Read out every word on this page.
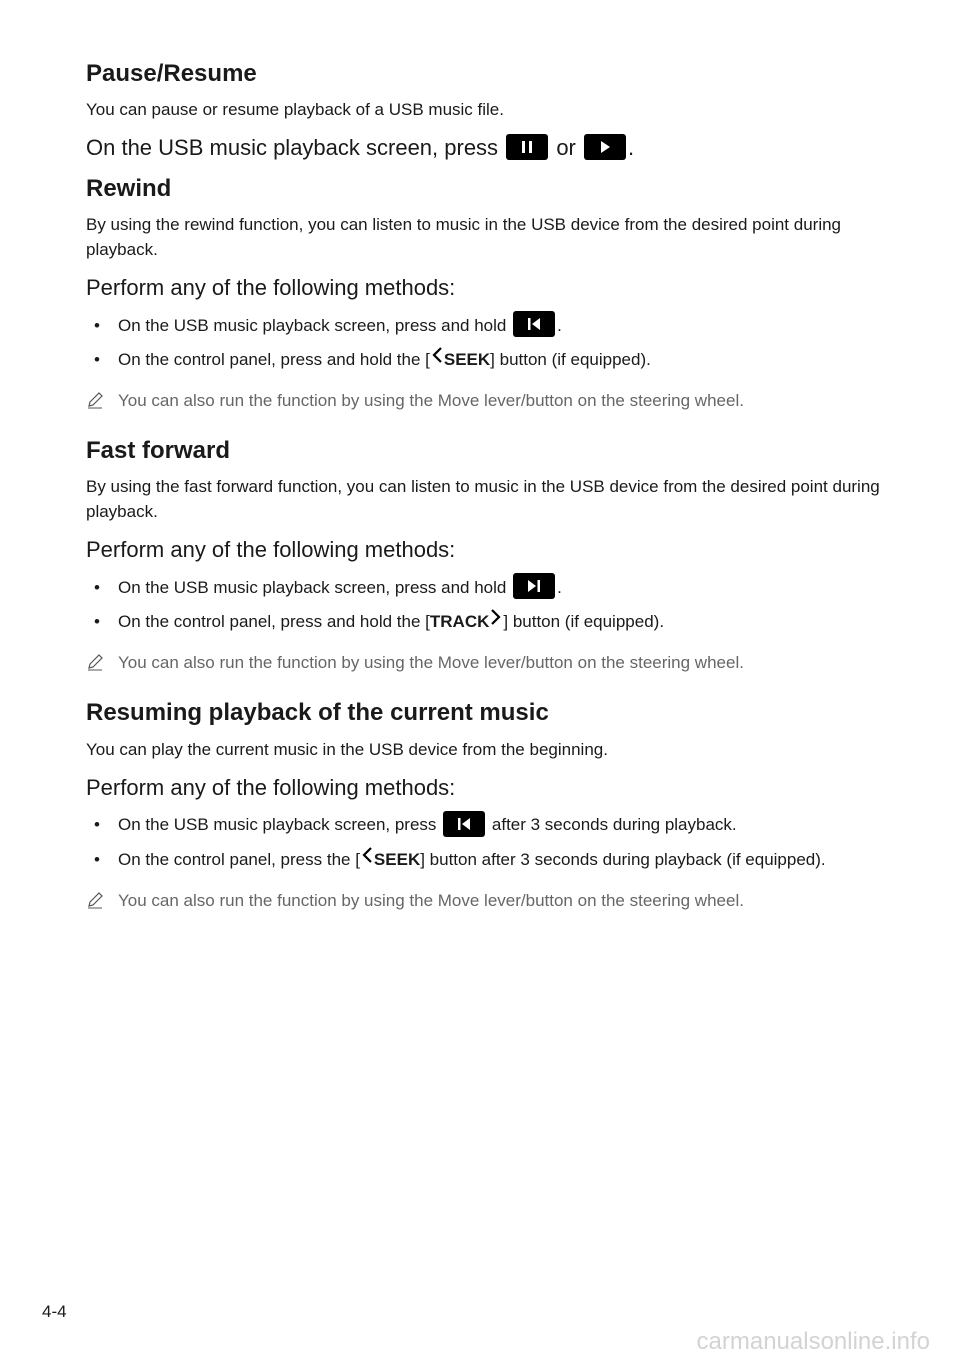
Pause/Resume

You can pause or resume playback of a USB music file.

On the USB music playback screen, press	or .

Rewind

By using the rewind function, you can listen to music in the USB device from the desired point during playback.

Perform any of the following methods:

• On the USB music playback screen, press and hold	.
• On the control panel, press and hold the [ SEEK] button (if equipped).
You can also run the function by using the Move lever/button on the steering wheel.
Fast forward

By using the fast forward function, you can listen to music in the USB device from the desired point during playback.

Perform any of the following methods:

• On the USB music playback screen, press and hold	.
• On the control panel, press and hold the [TRACK ] button (if equipped).
You can also run the function by using the Move lever/button on the steering wheel.
Resuming playback of the current music

You can play the current music in the USB device from the beginning.

Perform any of the following methods:

• On the USB music playback screen, press	after 3 seconds during playback.
• On the control panel, press the [ SEEK] button after 3 seconds during playback (if equipped).
You can also run the function by using the Move lever/button on the steering wheel.
4-4
carmanualsonline.info
